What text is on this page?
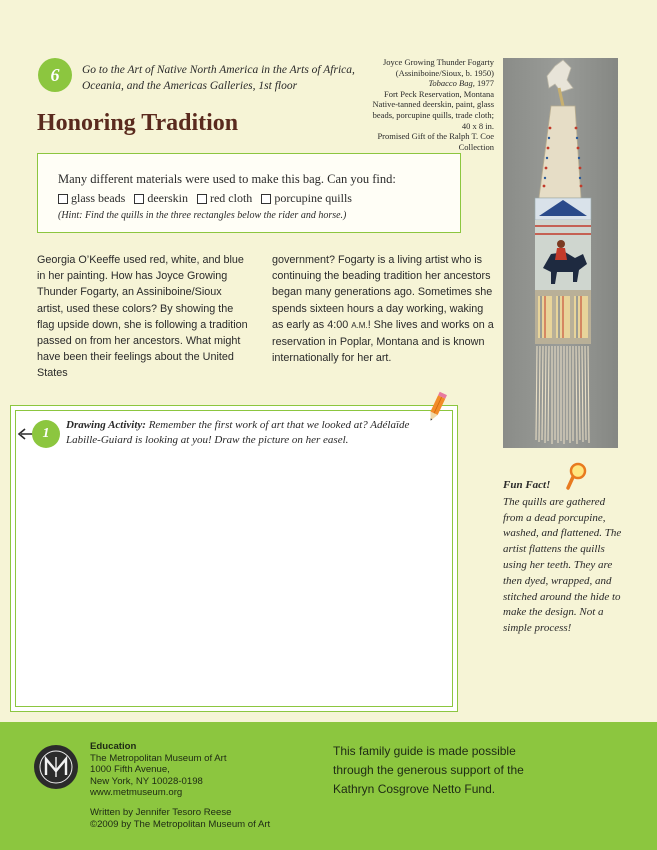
6 Go to the Art of Native North America in the Arts of Africa, Oceania, and the Americas Galleries, 1st floor
Honoring Tradition
Joyce Growing Thunder Fogarty
(Assiniboine/Sioux, b. 1950)
Tobacco Bag, 1977
Fort Peck Reservation, Montana
Native-tanned deerskin, paint, glass beads, porcupine quills, trade cloth; 40 x 8 in.
Promised Gift of the Ralph T. Coe Collection
Many different materials were used to make this bag. Can you find:
glass beads deerskin red cloth porcupine quills
(Hint: Find the quills in the three rectangles below the rider and horse.)
Georgia O’Keeffe used red, white, and blue in her painting. How has Joyce Growing Thunder Fogarty, an Assiniboine/Sioux artist, used these colors? By showing the flag upside down, she is following a tradition passed on from her ancestors. What might have been their feelings about the United States
government? Fogarty is a living artist who is continuing the beading tradition her ancestors began many generations ago. Sometimes she spends sixteen hours a day working, waking as early as 4:00 A.M.! She lives and works on a reservation in Poplar, Montana and is known internationally for her art.
1
Drawing Activity: Remember the first work of art that we looked at? Adélaïde Labille-Guiard is looking at you! Draw the picture on her easel.
Fun Fact!
The quills are gathered from a dead porcupine, washed, and flattened. The artist flattens the quills using her teeth. They are then dyed, wrapped, and stitched around the hide to make the design. Not a simple process!
Education
The Metropolitan Museum of Art
1000 Fifth Avenue,
New York, NY 10028-0198
www.metmuseum.org
Written by Jennifer Tesoro Reese
©2009 by The Metropolitan Museum of Art
This family guide is made possible through the generous support of the Kathryn Cosgrove Netto Fund.
